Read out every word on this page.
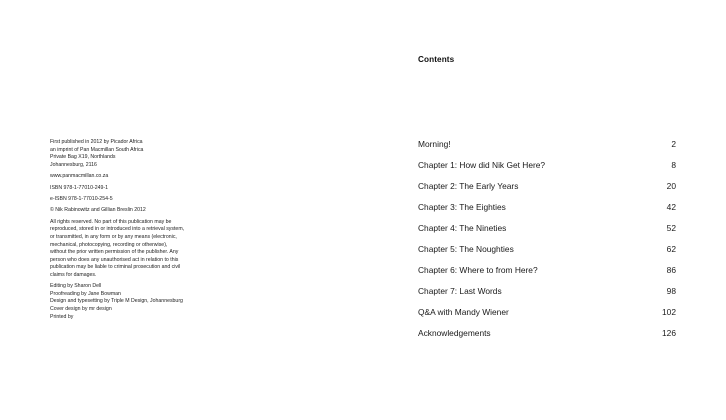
First published in 2012 by Picador Africa
an imprint of Pan Macmillan South Africa
Private Bag X19, Northlands
Johannesburg, 2116
www.panmacmillan.co.za
ISBN 978-1-77010-249-1
e-ISBN 978-1-77010-254-5
© Nik Rabinowitz and Gillian Breslin 2012
All rights reserved. No part of this publication may be
reproduced, stored in or introduced into a retrieval system,
or transmitted, in any form or by any means (electronic,
mechanical, photocopying, recording or otherwise),
without the prior written permission of the publisher. Any
person who does any unauthorised act in relation to this
publication may be liable to criminal prosecution and civil
claims for damages.
Editing by Sharon Dell
Proofreading by Jane Bowman
Design and typesetting by Triple M Design, Johannesburg
Cover design by mr design
Printed by
Contents
Morning!	2
Chapter 1: How did Nik Get Here?	8
Chapter 2: The Early Years	20
Chapter 3: The Eighties	42
Chapter 4: The Nineties	52
Chapter 5: The Noughties	62
Chapter 6: Where to from Here?	86
Chapter 7: Last Words	98
Q&A with Mandy Wiener	102
Acknowledgements	126
